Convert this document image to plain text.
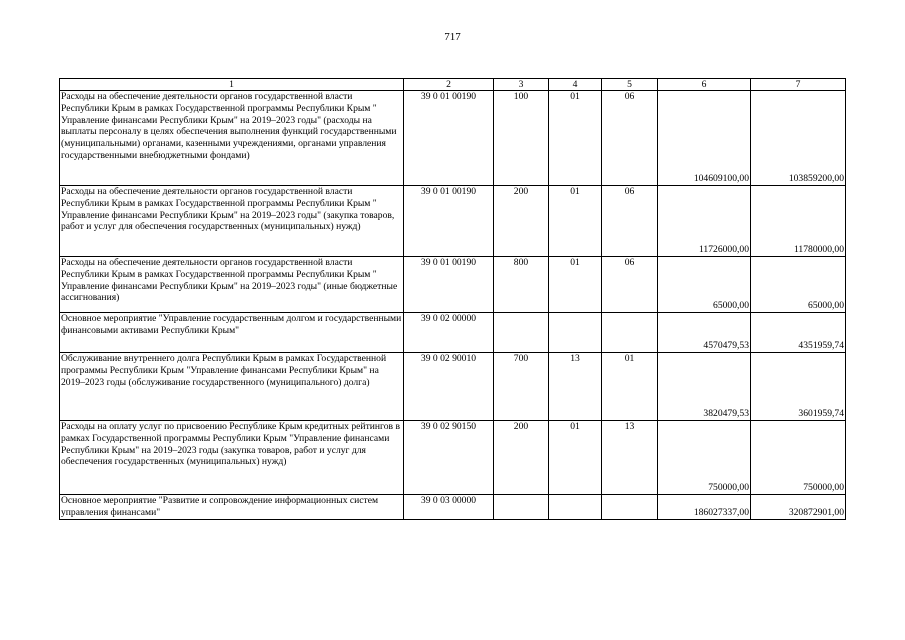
717
1	2	3	4	5	6	7
Расходы на обеспечение деятельности органов государственной власти Республики Крым в рамках Государственной программы Республики Крым " Управление финансами Республики Крым" на 2019–2023 годы" (расходы на выплаты персоналу в целях обеспечения выполнения функций государственными (муниципальными) органами, казенными учреждениями, органами управления государственными внебюджетными фондами)	39 0 01 00190	100	01	06	104609100,00	103859200,00
Расходы на обеспечение деятельности органов государственной власти Республики Крым в рамках Государственной программы Республики Крым " Управление финансами Республики Крым" на 2019–2023 годы" (закупка товаров, работ и услуг для обеспечения государственных (муниципальных) нужд)	39 0 01 00190	200	01	06	11726000,00	11780000,00
Расходы на обеспечение деятельности органов государственной власти Республики Крым в рамках Государственной программы Республики Крым " Управление финансами Республики Крым" на 2019–2023 годы" (иные бюджетные ассигнования)	39 0 01 00190	800	01	06	65000,00	65000,00
Основное мероприятие "Управление государственным долгом и государственными финансовыми активами Республики Крым"	39 0 02 00000				4570479,53	4351959,74
Обслуживание внутреннего долга Республики Крым в рамках Государственной программы Республики Крым "Управление финансами Республики Крым" на 2019–2023 годы (обслуживание государственного (муниципального) долга)	39 0 02 90010	700	13	01	3820479,53	3601959,74
Расходы на оплату услуг по присвоению Республике Крым кредитных рейтингов в рамках Государственной программы Республики Крым "Управление финансами Республики Крым" на 2019–2023 годы (закупка товаров, работ и услуг для обеспечения государственных (муниципальных) нужд)	39 0 02 90150	200	01	13	750000,00	750000,00
Основное мероприятие "Развитие и сопровождение информационных систем управления финансами"	39 0 03 00000				186027337,00	320872901,00
